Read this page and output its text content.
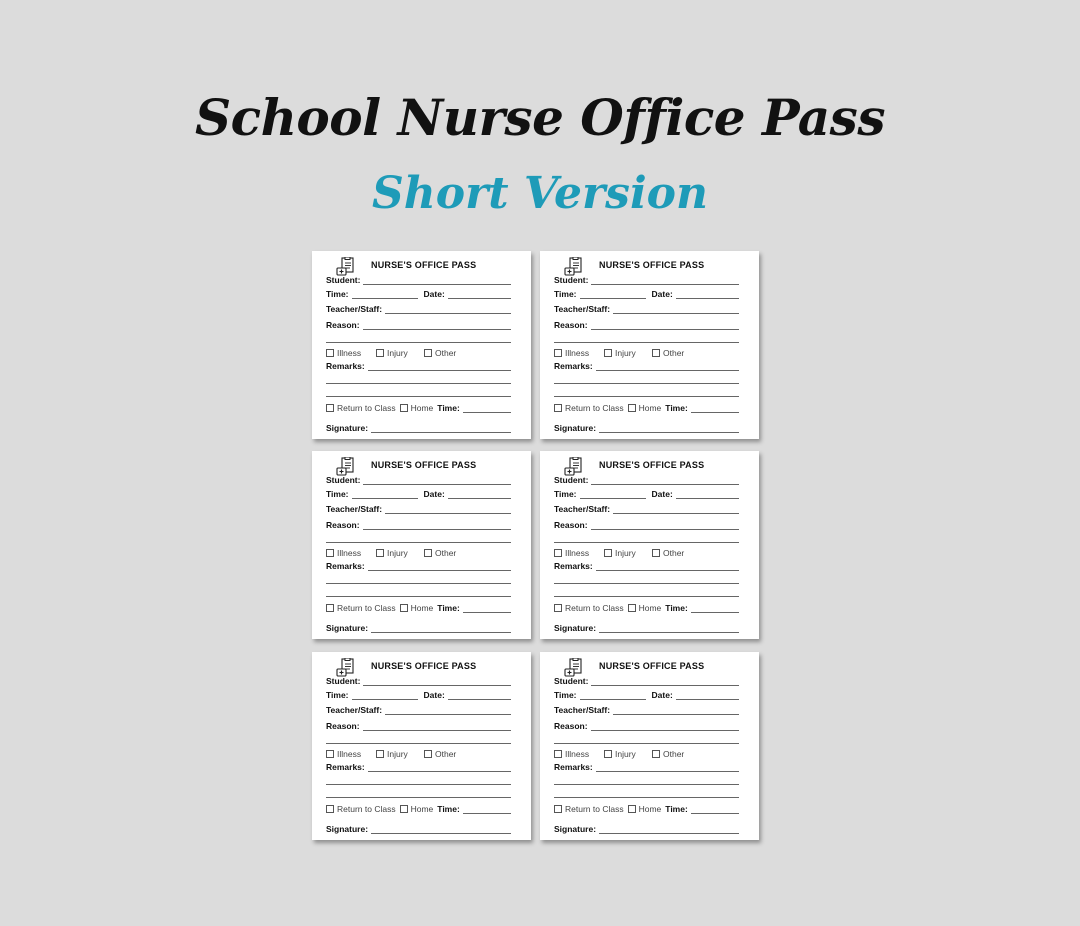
School Nurse Office Pass
Short Version
NURSE'S OFFICE PASS
Student:
Time:	Date:
Teacher/Staff:
Reason:
Illness	Injury	Other
Remarks:
Return to Class Home Time:
Signature:
NURSE'S OFFICE PASS
Student:
Time:	Date:
Teacher/Staff:
Reason:
Illness	Injury	Other
Remarks:
Return to Class Home Time:
Signature:
NURSE'S OFFICE PASS
Student:
Time:	Date:
Teacher/Staff:
Reason:
Illness	Injury	Other
Remarks:
Return to Class Home Time:
Signature:
NURSE'S OFFICE PASS
Student:
Time:	Date:
Teacher/Staff:
Reason:
Illness	Injury	Other
Remarks:
Return to Class Home Time:
Signature:
NURSE'S OFFICE PASS
Student:
Time:	Date:
Teacher/Staff:
Reason:
Illness	Injury	Other
Remarks:
Return to Class Home Time:
Signature:
NURSE'S OFFICE PASS
Student:
Time:	Date:
Teacher/Staff:
Reason:
Illness	Injury	Other
Remarks:
Return to Class Home Time:
Signature:
